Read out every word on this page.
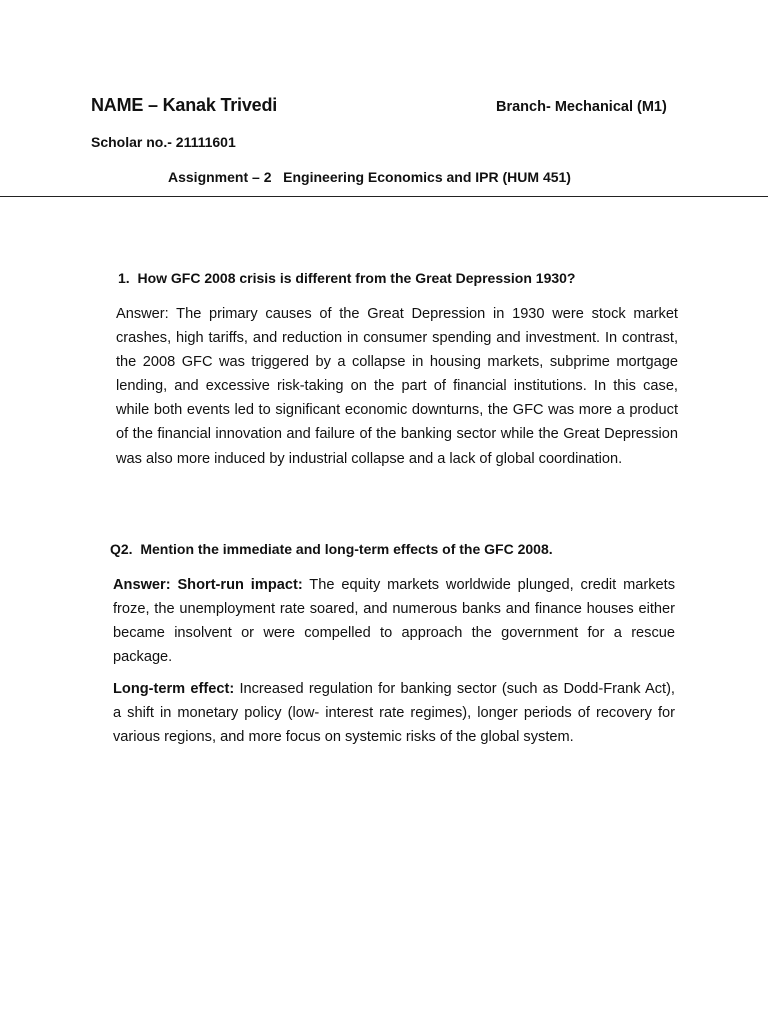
NAME – Kanak Trivedi	Branch- Mechanical (M1)
Scholar no.- 21111601
Assignment – 2   Engineering Economics and IPR (HUM 451)
1.  How GFC 2008 crisis is different from the Great Depression 1930?
Answer: The primary causes of the Great Depression in 1930 were stock market crashes, high tariffs, and reduction in consumer spending and investment. In contrast, the 2008 GFC was triggered by a collapse in housing markets, subprime mortgage lending, and excessive risk-taking on the part of financial institutions. In this case, while both events led to significant economic downturns, the GFC was more a product of the financial innovation and failure of the banking sector while the Great Depression was also more induced by industrial collapse and a lack of global coordination.
Q2.  Mention the immediate and long-term effects of the GFC 2008.
Answer: Short-run impact: The equity markets worldwide plunged, credit markets froze, the unemployment rate soared, and numerous banks and finance houses either became insolvent or were compelled to approach the government for a rescue package.
Long-term effect: Increased regulation for banking sector (such as Dodd-Frank Act), a shift in monetary policy (low- interest rate regimes), longer periods of recovery for various regions, and more focus on systemic risks of the global system.
